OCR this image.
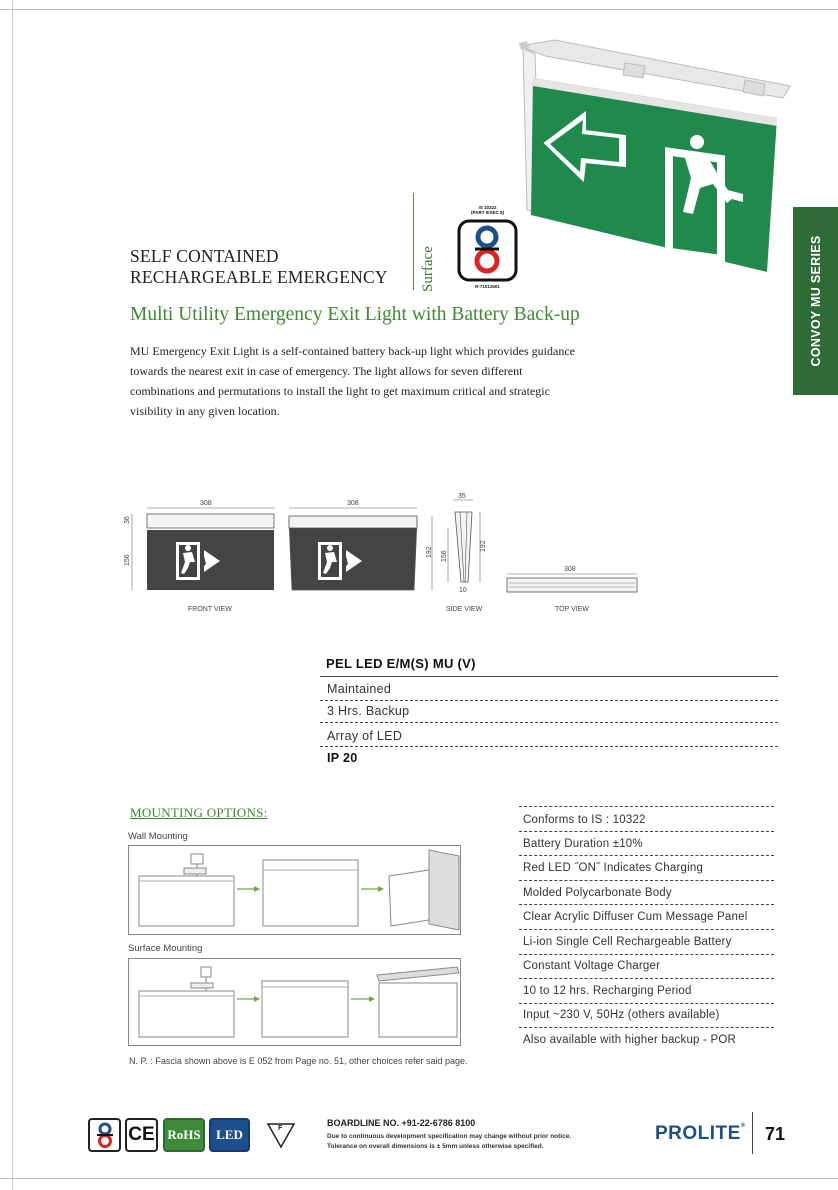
CONVOY MU SERIES
SELF CONTAINED
RECHARGEABLE EMERGENCY Surface
IS 10322
(PART 5/SEC 8)
R-71012601
Multi Utility Emergency Exit Light with Battery Back-up
MU Emergency Exit Light is a self-contained battery back-up light which provides guidance towards the nearest exit in case of emergency. The light allows for seven different combinations and permutations to install the light to get maximum critical and strategic visibility in any given location.
308
36
156
FRONT VIEW
308
192
35
156
192
10
SIDE VIEW
308
TOP VIEW
PEL LED E/M(S) MU (V)
Maintained
3 Hrs. Backup
Array of LED
IP 20
MOUNTING OPTIONS:
Wall Mounting
Surface Mounting
Conforms to IS : 10322
Battery Duration ±10%
Red LED ˝ON˝ Indicates Charging
Molded Polycarbonate Body
Clear Acrylic Diffuser Cum Message Panel
Li-ion Single Cell Rechargeable Battery
Constant Voltage Charger
10 to 12 hrs. Recharging Period
Input ~230 V, 50Hz (others available)
Also available with higher backup - POR
N. P. : Fascia shown above is E 052 from Page no. 51, other choices refer said page.
CE RoHS	LED	F
BOARDLINE NO. +91-22-6786 8100
Due to continuous development specification may change without prior notice.
Tolerance on overall dimensions is ± 5mm unless otherwise specified.
PROLITE® 71
